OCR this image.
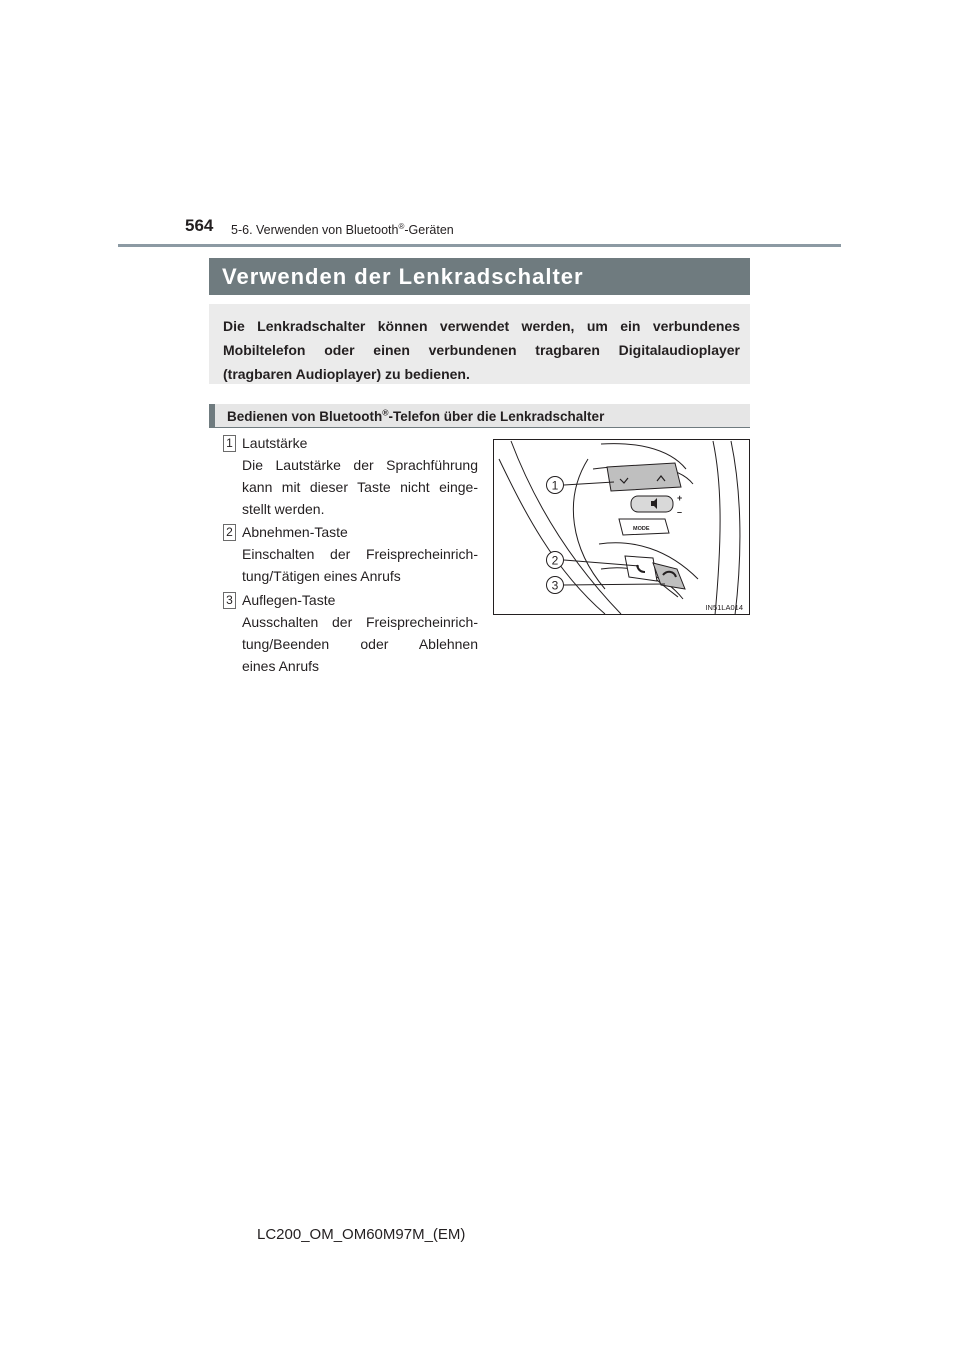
564 5-6. Verwenden von Bluetooth®-Geräten
Verwenden der Lenkradschalter
Die Lenkradschalter können verwendet werden, um ein verbundenes
Mobiltelefon oder einen verbundenen tragbaren Digitalaudioplayer
(tragbaren Audioplayer) zu bedienen.
Bedienen von Bluetooth®-Telefon über die Lenkradschalter
1 Lautstärke
Die Lautstärke der Sprachführung
kann mit dieser Taste nicht einge-
stellt werden.
2 Abnehmen-Taste
Einschalten der Freisprecheinrich-
tung/Tätigen eines Anrufs
3 Auflegen-Taste
Ausschalten der Freisprecheinrich-
tung/Beenden oder Ablehnen
eines Anrufs
+
–
MODE
1
2
3
IN51LA014
LC200_OM_OM60M97M_(EM)
